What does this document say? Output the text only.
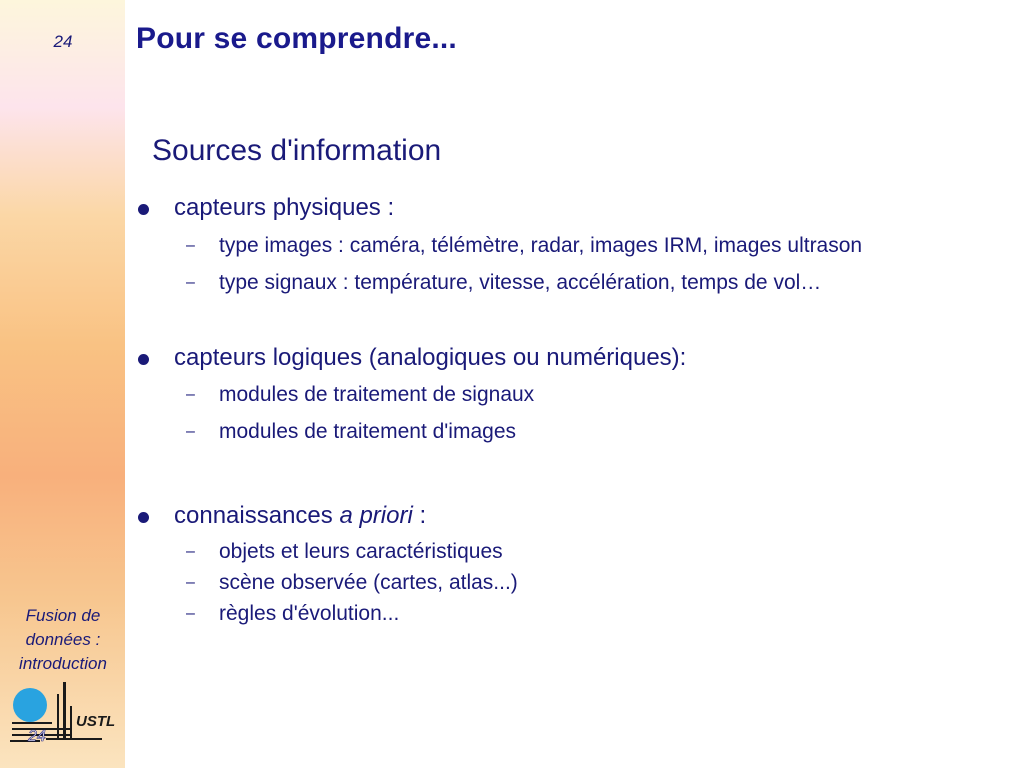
24
Fusion de
données :
introduction
24
USTL
Pour se comprendre...
Sources d'information
capteurs physiques :
– type images : caméra, télémètre, radar, images IRM, images ultrason
– type signaux : température, vitesse, accélération, temps de vol…
capteurs logiques (analogiques ou numériques):
– modules de traitement de signaux
– modules de traitement d'images
connaissances a priori :
– objets et leurs caractéristiques
– scène observée (cartes, atlas...)
– règles d'évolution...
